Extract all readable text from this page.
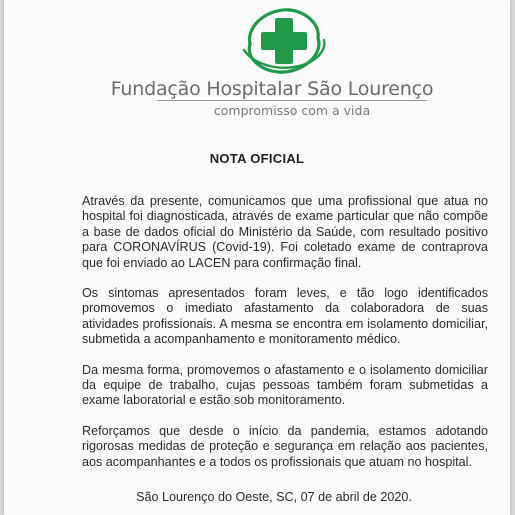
Fundação Hospitalar São Lourenço
compromisso com a vida
NOTA OFICIAL

Através da presente, comunicamos que uma profissional que atua no hospital foi diagnosticada, através de exame particular que não compõe a base de dados oficial do Ministério da Saúde, com resultado positivo para CORONAVÍRUS (Covid-19). Foi coletado exame de contraprova que foi enviado ao LACEN para confirmação final.

Os sintomas apresentados foram leves, e tão logo identificados promovemos o imediato afastamento da colaboradora de suas atividades profissionais. A mesma se encontra em isolamento domiciliar, submetida a acompanhamento e monitoramento médico.

Da mesma forma, promovemos o afastamento e o isolamento domiciliar da equipe de trabalho, cujas pessoas também foram submetidas a exame laboratorial e estão sob monitoramento.

Reforçamos que desde o início da pandemia, estamos adotando rigorosas medidas de proteção e segurança em relação aos pacientes, aos acompanhantes e a todos os profissionais que atuam no hospital.

São Lourenço do Oeste, SC, 07 de abril de 2020.
